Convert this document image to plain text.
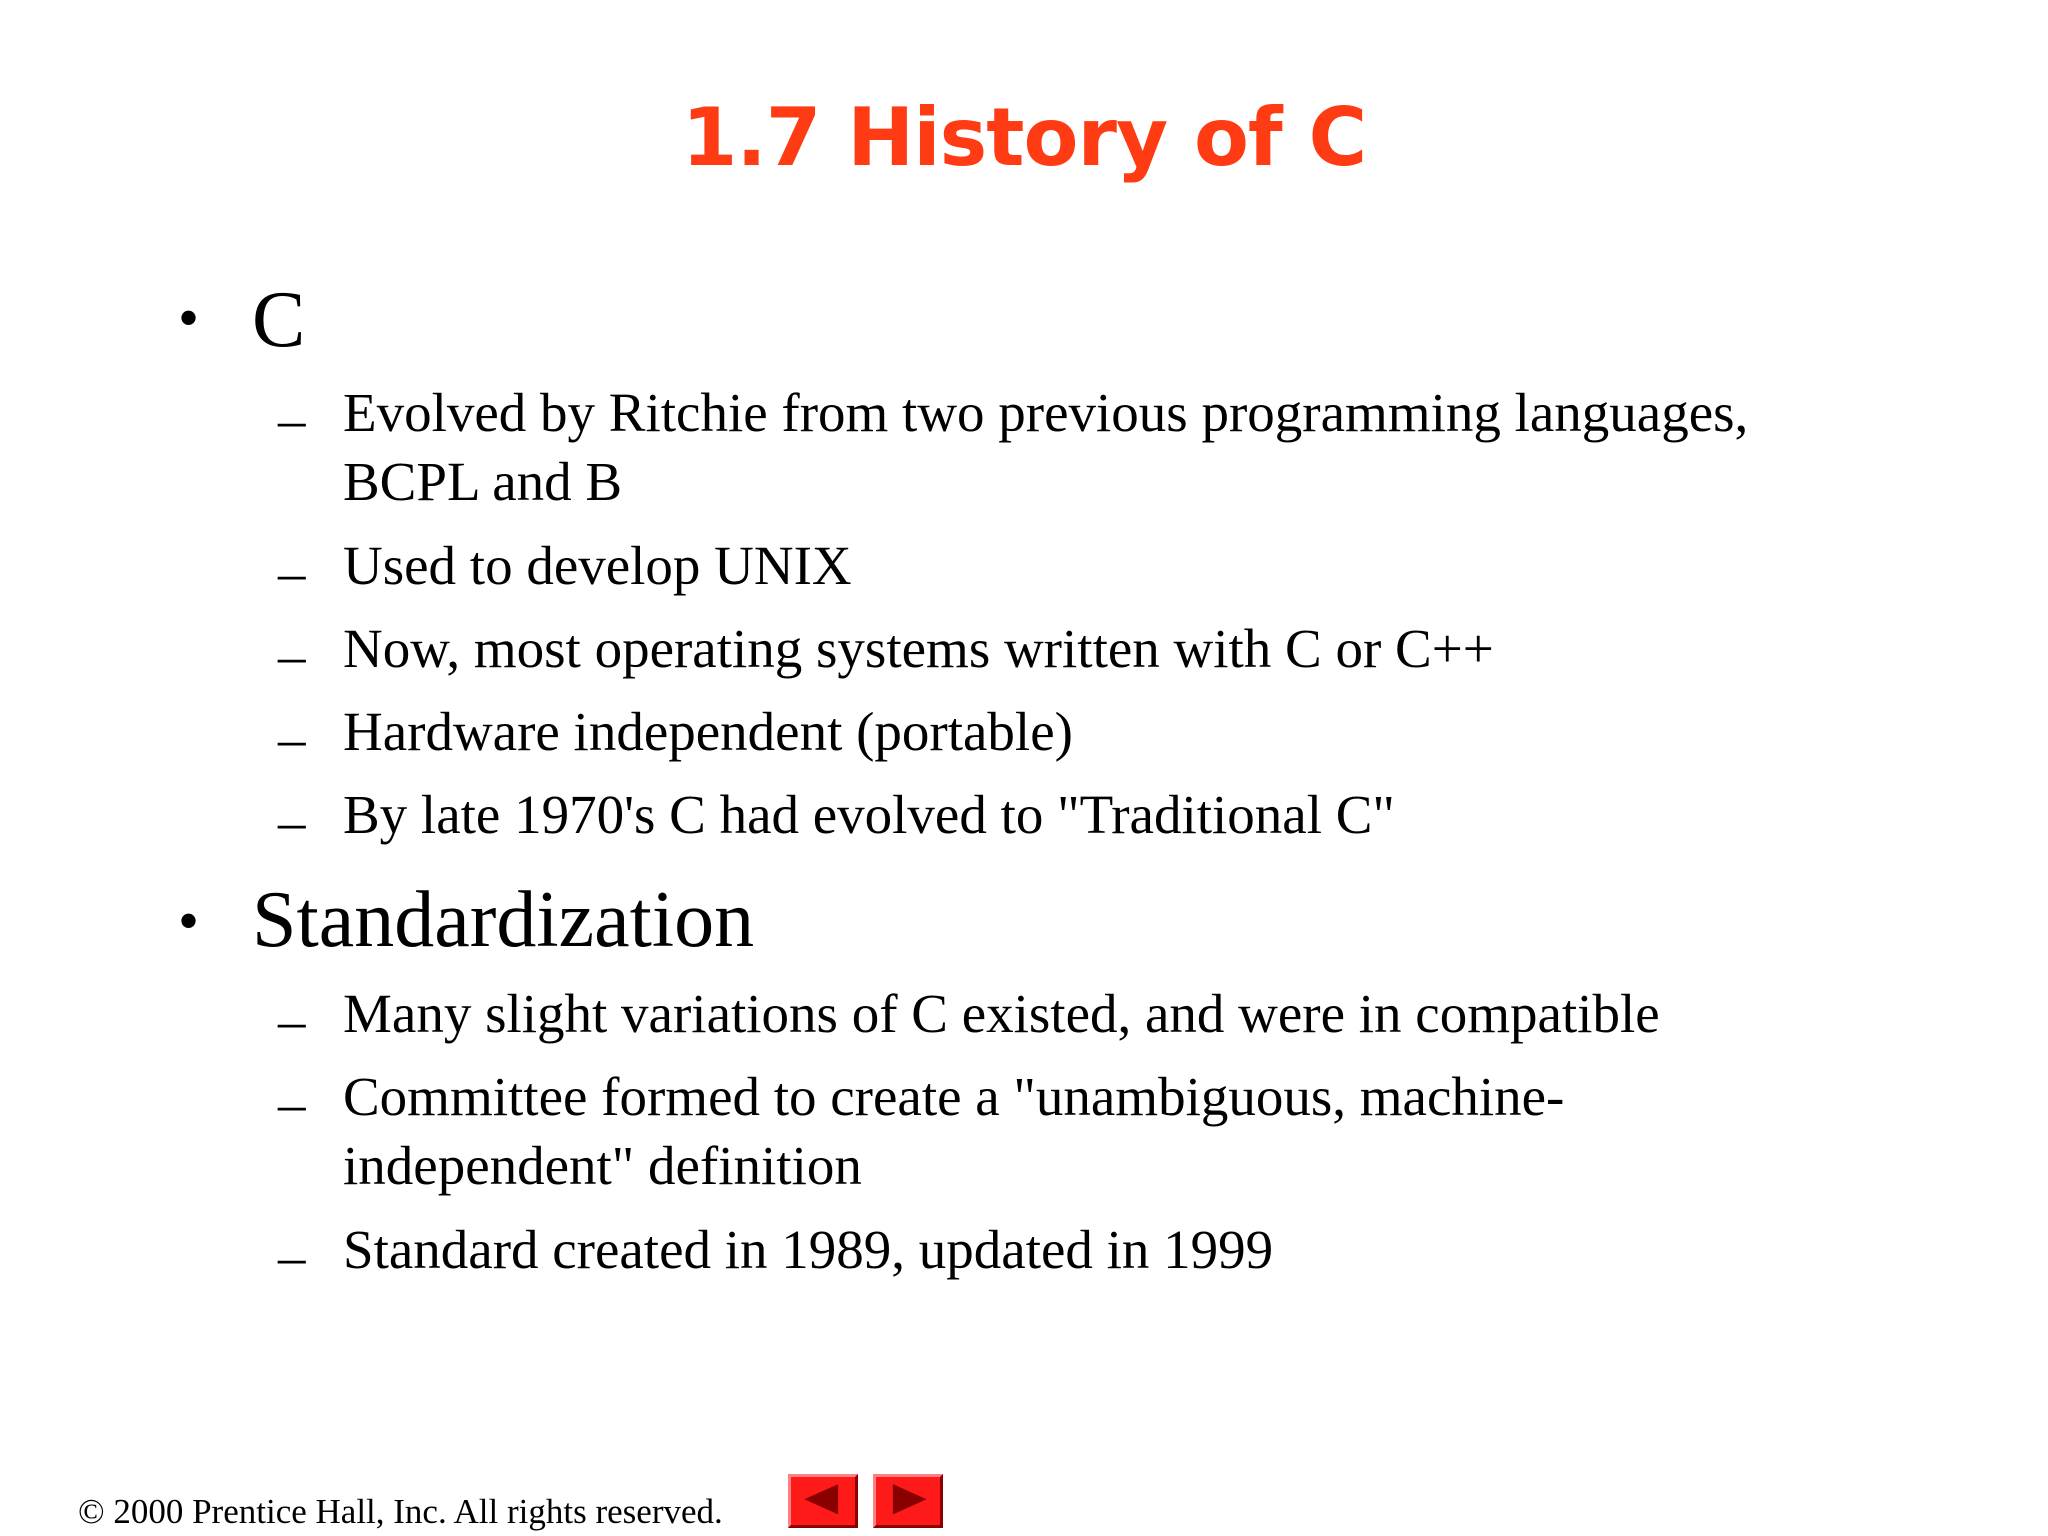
1.7 History of C
• C
– Evolved by Ritchie from two previous programming languages,
BCPL and B
– Used to develop UNIX
– Now, most operating systems written with C or C++
– Hardware independent (portable)
– By late 1970's C had evolved to "Traditional C"
• Standardization
– Many slight variations of C existed, and were in compatible
– Committee formed to create a "unambiguous, machine-
independent" definition
– Standard created in 1989, updated in 1999
© 2000 Prentice Hall, Inc. All rights reserved.
